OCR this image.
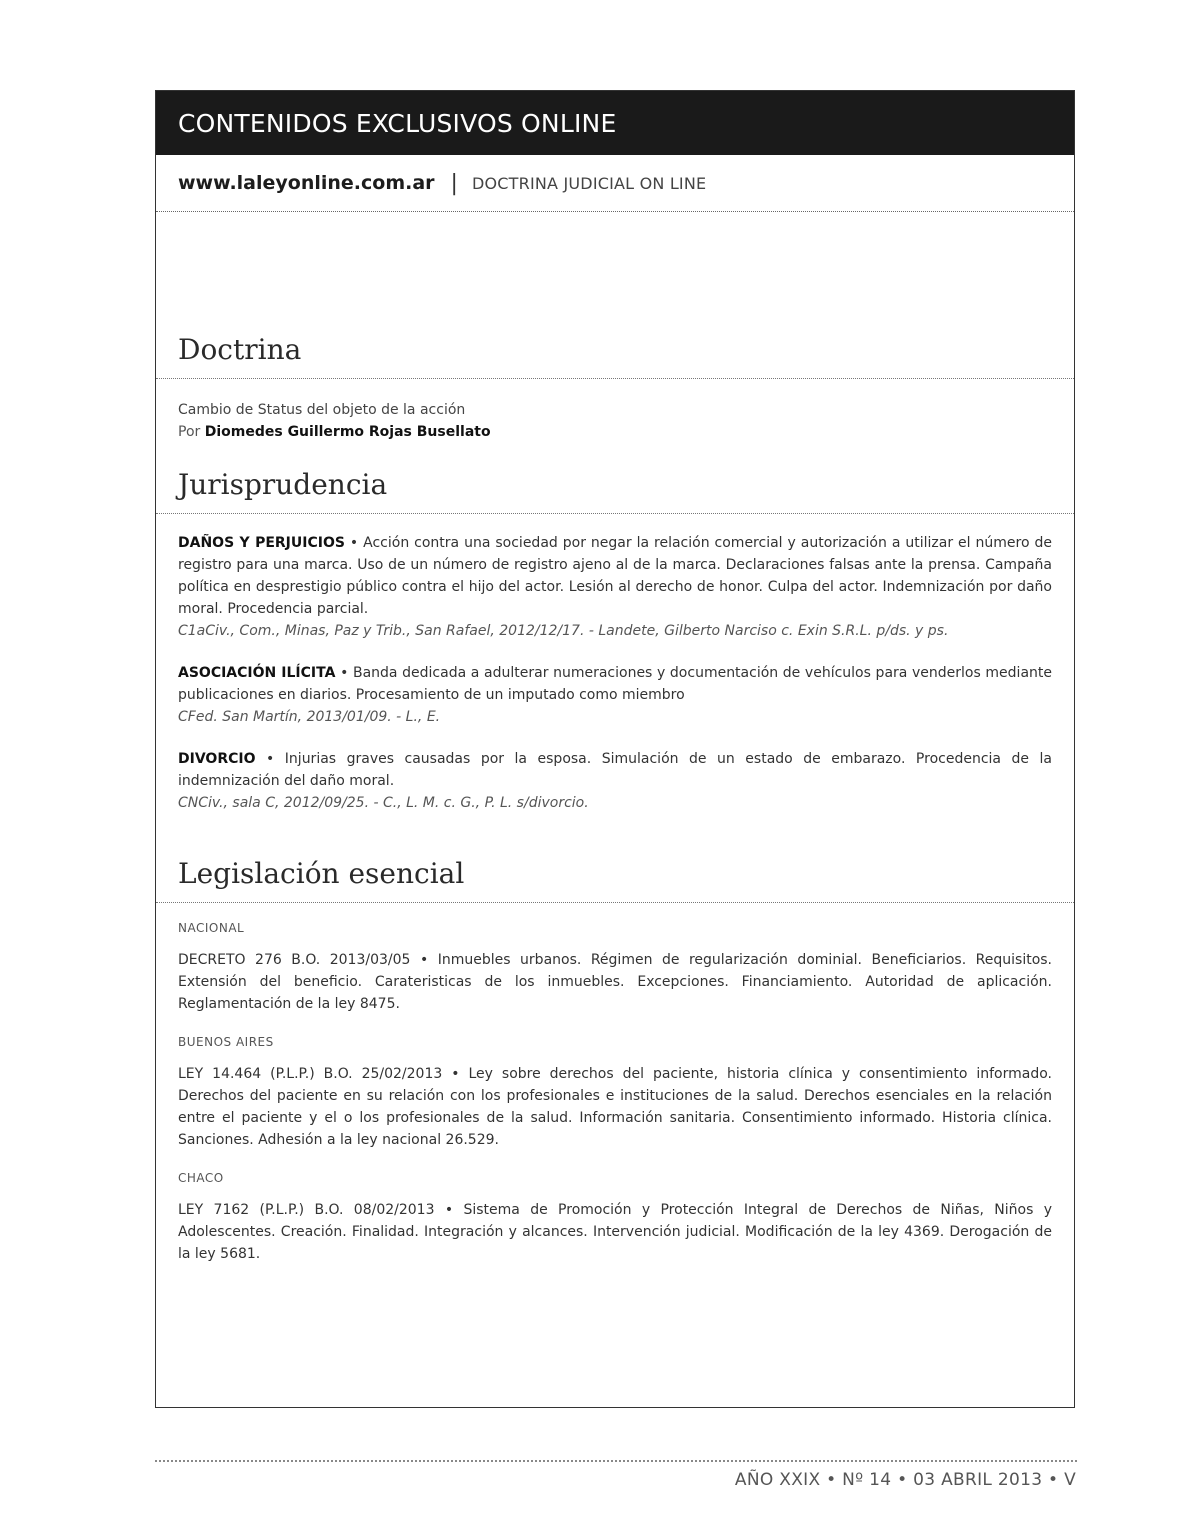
CONTENIDOS EXCLUSIVOS ONLINE
www.laleyonline.com.ar | DOCTRINA JUDICIAL ON LINE
Doctrina
Cambio de Status del objeto de la acción
Por Diomedes Guillermo Rojas Busellato
Jurisprudencia
DAÑOS Y PERJUICIOS • Acción contra una sociedad por negar la relación comercial y autorización a utilizar el número de registro para una marca. Uso de un número de registro ajeno al de la marca. Declaraciones falsas ante la prensa. Campaña política en desprestigio público contra el hijo del actor. Lesión al derecho de honor. Culpa del actor. Indemnización por daño moral. Procedencia parcial.
C1aCiv., Com., Minas, Paz y Trib., San Rafael, 2012/12/17. - Landete, Gilberto Narciso c. Exin S.R.L. p/ds. y ps.
ASOCIACIÓN ILÍCITA • Banda dedicada a adulterar numeraciones y documentación de vehículos para venderlos mediante publicaciones en diarios. Procesamiento de un imputado como miembro
CFed. San Martín, 2013/01/09. - L., E.
DIVORCIO • Injurias graves causadas por la esposa. Simulación de un estado de embarazo. Procedencia de la indemnización del daño moral.
CNCiv., sala C, 2012/09/25. - C., L. M. c. G., P. L. s/divorcio.
Legislación esencial
NACIONAL
DECRETO 276 B.O. 2013/03/05 • Inmuebles urbanos. Régimen de regularización dominial. Beneficiarios. Requisitos. Extensión del beneficio. Carateristicas de los inmuebles. Excepciones. Financiamiento. Autoridad de aplicación. Reglamentación de la ley 8475.
BUENOS AIRES
LEY 14.464 (P.L.P.) B.O. 25/02/2013 • Ley sobre derechos del paciente, historia clínica y consentimiento informado. Derechos del paciente en su relación con los profesionales e instituciones de la salud. Derechos esenciales en la relación entre el paciente y el o los profesionales de la salud. Información sanitaria. Consentimiento informado. Historia clínica. Sanciones. Adhesión a la ley nacional 26.529.
CHACO
LEY 7162 (P.L.P.) B.O. 08/02/2013 • Sistema de Promoción y Protección Integral de Derechos de Niñas, Niños y Adolescentes. Creación. Finalidad. Integración y alcances. Intervención judicial. Modificación de la ley 4369. Derogación de la ley 5681.
AÑO XXIX • Nº 14 • 03 ABRIL 2013 • V
